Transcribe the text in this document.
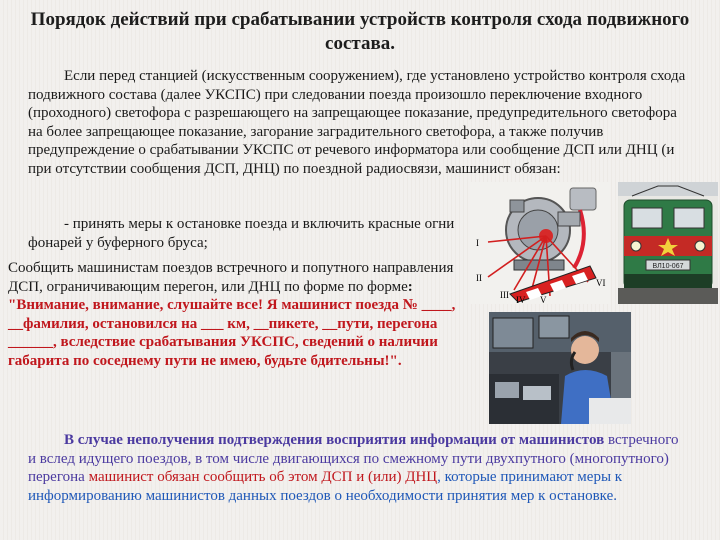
Порядок действий при срабатывании устройств контроля схода подвижного состава.
Если перед станцией (искусственным сооружением), где установлено устройство контроля схода подвижного состава (далее УКСПС) при следовании поезда произошло переключение входного (проходного) светофора с разрешающего на запрещающее показание, предупредительного светофора на более запрещающее показание, загорание заградительного светофора, а также получив предупреждение о срабатывании УКСПС от речевого информатора или сообщение ДСП или ДНЦ (и при отсутствии сообщения ДСП, ДНЦ) по поездной радиосвязи, машинист обязан:
- принять меры к остановке поезда и включить красные огни фонарей у буферного бруса;
Сообщить машинистам поездов встречного и попутного направления ДСП, ограничивающим перегон, или ДНЦ по форме по форме: "Внимание, внимание, слушайте все! Я машинист поезда № ____, __фамилия, остановился на ___ км, __пикете, __пути, перегона ______, вследствие срабатывания УКСПС, сведений о наличии габарита по соседнему пути не имею, будьте бдительны!".
В случае неполучения подтверждения восприятия информации от машинистов встречного и вслед идущего поездов, в том числе двигающихся по смежному пути двухпутного (многопутного) перегона машинист обязан сообщить об этом ДСП и (или) ДНЦ, которые принимают меры к информированию машинистов данных поездов о необходимости принятия мер к остановке.
I
II
III IV V
VI
ВЛ10-067
